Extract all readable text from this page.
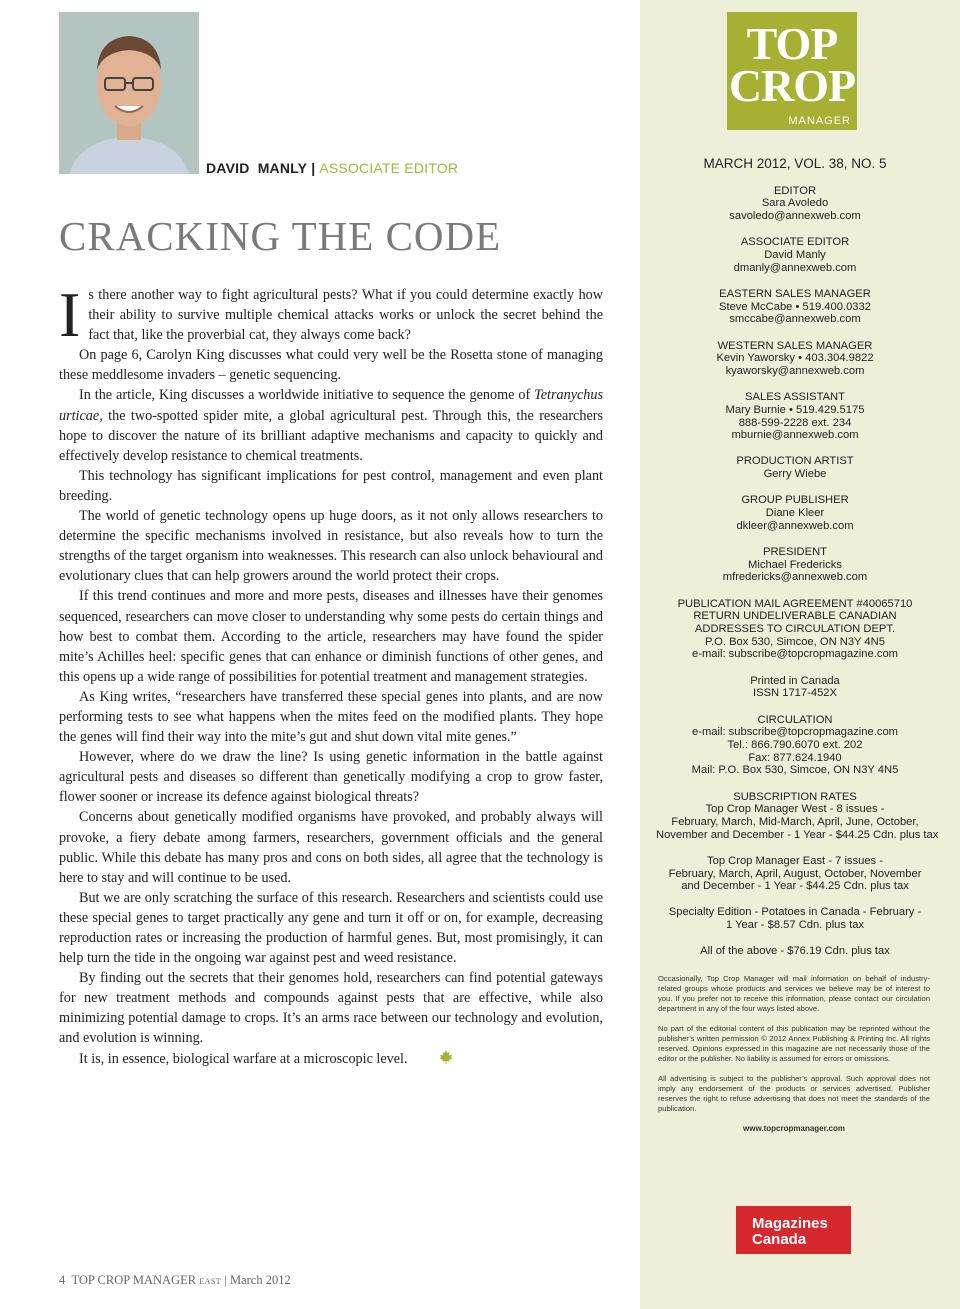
DAVID  MANLY | ASSOCIATE EDITOR
CRACKING THE CODE

Is there another way to fight agricultural pests? What if you could determine exactly how their ability to survive multiple chemical attacks works or unlock the secret behind the fact that, like the proverbial cat, they always come back?

On page 6, Carolyn King discusses what could very well be the Rosetta stone of managing these meddlesome invaders – genetic sequencing.

In the article, King discusses a worldwide initiative to sequence the genome of Tetranychus urticae, the two-spotted spider mite, a global agricultural pest. Through this, the researchers hope to discover the nature of its brilliant adaptive mechanisms and capacity to quickly and effectively develop resistance to chemical treatments.

This technology has significant implications for pest control, management and even plant breeding.

The world of genetic technology opens up huge doors, as it not only allows researchers to determine the specific mechanisms involved in resistance, but also reveals how to turn the strengths of the target organism into weaknesses. This research can also unlock behavioural and evolutionary clues that can help growers around the world protect their crops.

If this trend continues and more and more pests, diseases and illnesses have their genomes sequenced, researchers can move closer to understanding why some pests do certain things and how best to combat them. According to the article, researchers may have found the spider mite’s Achilles heel: specific genes that can enhance or diminish functions of other genes, and this opens up a wide range of possibilities for potential treatment and management strategies.

As King writes, “researchers have transferred these special genes into plants, and are now performing tests to see what happens when the mites feed on the modified plants. They hope the genes will find their way into the mite’s gut and shut down vital mite genes.”

However, where do we draw the line? Is using genetic information in the battle against agricultural pests and diseases so different than genetically modifying a crop to grow faster, flower sooner or increase its defence against biological threats?

Concerns about genetically modified organisms have provoked, and probably always will provoke, a fiery debate among farmers, researchers, government officials and the general public. While this debate has many pros and cons on both sides, all agree that the technology is here to stay and will continue to be used.

But we are only scratching the surface of this research. Researchers and scientists could use these special genes to target practically any gene and turn it off or on, for example, decreasing reproduction rates or increasing the production of harmful genes. But, most promisingly, it can help turn the tide in the ongoing war against pest and weed resistance.

By finding out the secrets that their genomes hold, researchers can find potential gateways for new treatment methods and compounds against pests that are effective, while also minimizing potential damage to crops. It’s an arms race between our technology and evolution, and evolution is winning.

It is, in essence, biological warfare at a microscopic level.

4 TOP CROP MANAGER EAST | March 2012
TOP
CROP
MANAGER
MARCH 2012, VOL. 38, NO. 5
EDITOR
Sara Avoledo
savoledo@annexweb.com
ASSOCIATE EDITOR
David Manly
dmanly@annexweb.com
EASTERN SALES MANAGER
Steve McCabe • 519.400.0332
smccabe@annexweb.com
WESTERN SALES MANAGER
Kevin Yaworsky • 403.304.9822
kyaworsky@annexweb.com
SALES ASSISTANT
Mary Burnie • 519.429.5175
888-599-2228 ext. 234
mburnie@annexweb.com
PRODUCTION ARTIST
Gerry Wiebe
GROUP PUBLISHER
Diane Kleer
dkleer@annexweb.com
PRESIDENT
Michael Fredericks
mfredericks@annexweb.com
PUBLICATION MAIL AGREEMENT #40065710
RETURN UNDELIVERABLE CANADIAN
ADDRESSES TO CIRCULATION DEPT.
P.O. Box 530, Simcoe, ON N3Y 4N5
e-mail: subscribe@topcropmagazine.com
Printed in Canada
ISSN 1717-452X
CIRCULATION
e-mail: subscribe@topcropmagazine.com
Tel.: 866.790.6070 ext. 202
Fax: 877.624.1940
Mail: P.O. Box 530, Simcoe, ON N3Y 4N5
SUBSCRIPTION RATES
Top Crop Manager West - 8 issues -
February, March, Mid-March, April, June, October,
November and December - 1 Year - $44.25 Cdn. plus tax
Top Crop Manager East - 7 issues -
February, March, April, August, October, November
and December - 1 Year - $44.25 Cdn. plus tax
Specialty Edition - Potatoes in Canada - February -
1 Year - $8.57 Cdn. plus tax
All of the above - $76.19 Cdn. plus tax

Occasionally, Top Crop Manager will mail information on behalf of industry-related groups whose products and services we believe may be of interest to you. If you prefer not to receive this information, please contact our circulation department in any of the four ways listed above.

No part of the editorial content of this publication may be reprinted without the publisher’s written permission © 2012 Annex Publishing & Printing Inc. All rights reserved. Opinions expressed in this magazine are not necessarily those of the editor or the publisher. No liability is assumed for errors or omissions.

All advertising is subject to the publisher’s approval. Such approval does not imply any endorsement of the products or services advertised. Publisher reserves the right to refuse advertising that does not meet the standards of the publication.

www.topcropmanager.com
Magazines
Canada
